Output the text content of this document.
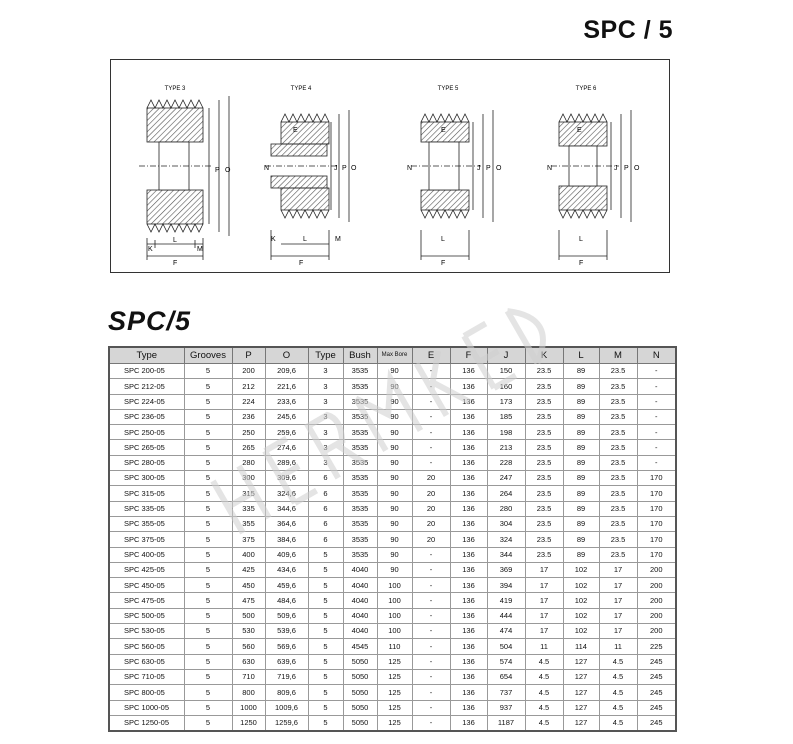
SPC / 5
TYPE 3	TYPE 4	TYPE 5	TYPE 6
P O
K
L
M
F
E
N	J P O
K	L	M
F
E
N	J P O
L
F
E
N	J P O
L
F
SPC/5
Type	Grooves	P	O	Type	Bush	Max Bore	E	F	J	K	L	M	N
SPC 200-05	5	200	209,6	3	3535	90	-	136	150	23.5	89	23.5	-
SPC 212-05	5	212	221,6	3	3535	90	-	136	160	23.5	89	23.5	-
SPC 224-05	5	224	233,6	3	3535	90	-	136	173	23.5	89	23.5	-
SPC 236-05	5	236	245,6	3	3535	90	-	136	185	23.5	89	23.5	-
SPC 250-05	5	250	259,6	3	3535	90	-	136	198	23.5	89	23.5	-
SPC 265-05	5	265	274,6	3	3535	90	-	136	213	23.5	89	23.5	-
SPC 280-05	5	280	289,6	3	3535	90	-	136	228	23.5	89	23.5	-
SPC 300-05	5	300	309,6	6	3535	90	20	136	247	23.5	89	23.5	170
SPC 315-05	5	315	324,6	6	3535	90	20	136	264	23.5	89	23.5	170
SPC 335-05	5	335	344,6	6	3535	90	20	136	280	23.5	89	23.5	170
SPC 355-05	5	355	364,6	6	3535	90	20	136	304	23.5	89	23.5	170
SPC 375-05	5	375	384,6	6	3535	90	20	136	324	23.5	89	23.5	170
SPC 400-05	5	400	409,6	5	3535	90	-	136	344	23.5	89	23.5	170
SPC 425-05	5	425	434,6	5	4040	90	-	136	369	17	102	17	200
SPC 450-05	5	450	459,6	5	4040	100	-	136	394	17	102	17	200
SPC 475-05	5	475	484,6	5	4040	100	-	136	419	17	102	17	200
SPC 500-05	5	500	509,6	5	4040	100	-	136	444	17	102	17	200
SPC 530-05	5	530	539,6	5	4040	100	-	136	474	17	102	17	200
SPC 560-05	5	560	569,6	5	4545	110	-	136	504	11	114	11	225
SPC 630-05	5	630	639,6	5	5050	125	-	136	574	4.5	127	4.5	245
SPC 710-05	5	710	719,6	5	5050	125	-	136	654	4.5	127	4.5	245
SPC 800-05	5	800	809,6	5	5050	125	-	136	737	4.5	127	4.5	245
SPC 1000-05	5	1000	1009,6	5	5050	125	-	136	937	4.5	127	4.5	245
SPC 1250-05	5	1250	1259,6	5	5050	125	-	136	1187	4.5	127	4.5	245
